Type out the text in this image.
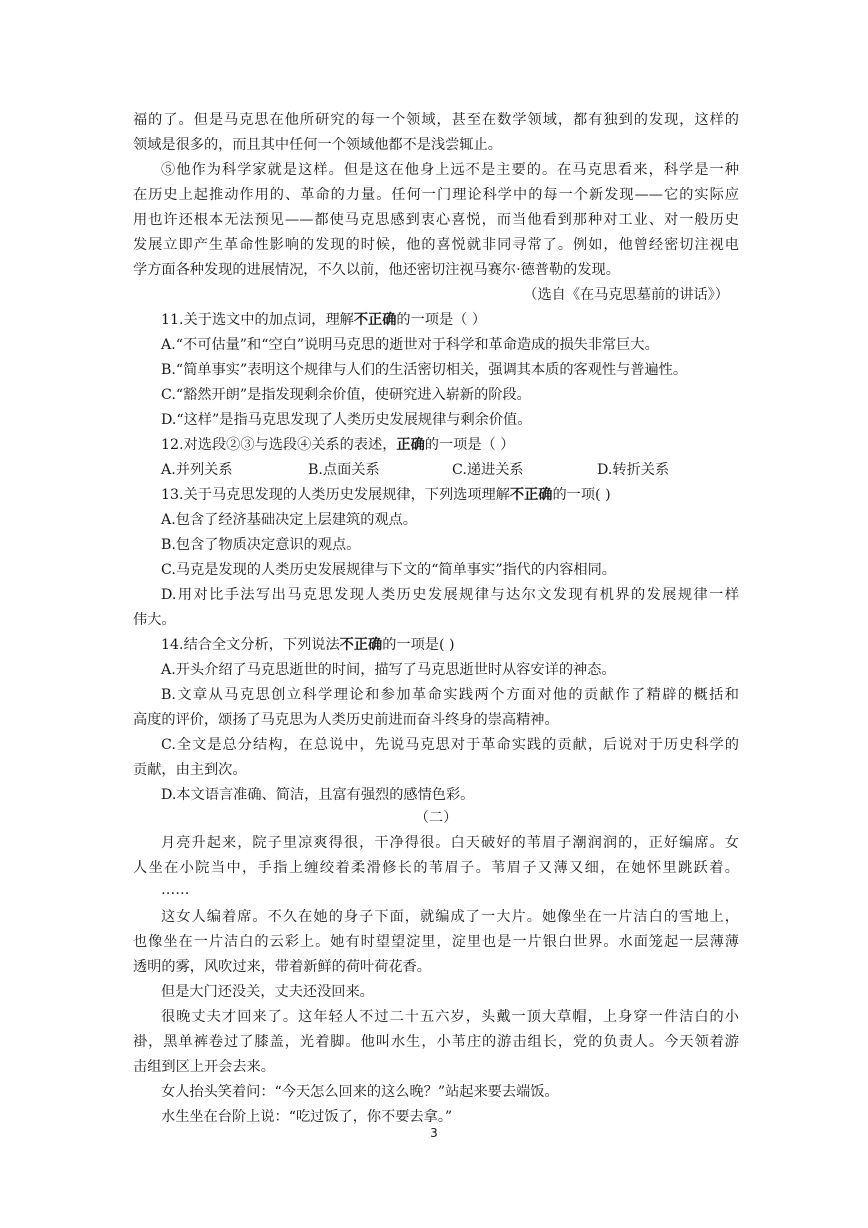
福的了。但是马克思在他所研究的每一个领域，甚至在数学领域，都有独到的发现，这样的
领域是很多的，而且其中任何一个领域他都不是浅尝辄止。
⑤他作为科学家就是这样。但是这在他身上远不是主要的。在马克思看来，科学是一种
在历史上起推动作用的、革命的力量。任何一门理论科学中的每一个新发现——它的实际应
用也许还根本无法预见——都使马克思感到衷心喜悦，而当他看到那种对工业、对一般历史
发展立即产生革命性影响的发现的时候，他的喜悦就非同寻常了。例如，他曾经密切注视电
学方面各种发现的进展情况，不久以前，他还密切注视马赛尔·德普勒的发现。
（选自《在马克思墓前的讲话》）
11.关于选文中的加点词，理解不正确的一项是（ ）
A.“不可估量”和“空白”说明马克思的逝世对于科学和革命造成的损失非常巨大。
B.“简单事实”表明这个规律与人们的生活密切相关，强调其本质的客观性与普遍性。
C.“豁然开朗”是指发现剩余价值，使研究进入崭新的阶段。
D.“这样”是指马克思发现了人类历史发展规律与剩余价值。
12.对选段②③与选段④关系的表述，正确的一项是（ ）
A.并列关系	B.点面关系	C.递进关系	D.转折关系
13.关于马克思发现的人类历史发展规律，下列选项理解不正确的一项( )
A.包含了经济基础决定上层建筑的观点。
B.包含了物质决定意识的观点。
C.马克是发现的人类历史发展规律与下文的“简单事实”指代的内容相同。
D.用对比手法写出马克思发现人类历史发展规律与达尔文发现有机界的发展规律一样
伟大。
14.结合全文分析，下列说法不正确的一项是( )
A.开头介绍了马克思逝世的时间，描写了马克思逝世时从容安详的神态。
B.文章从马克思创立科学理论和参加革命实践两个方面对他的贡献作了精辟的概括和
高度的评价，颂扬了马克思为人类历史前进而奋斗终身的崇高精神。
C.全文是总分结构，在总说中，先说马克思对于革命实践的贡献，后说对于历史科学的
贡献，由主到次。
D.本文语言准确、简洁，且富有强烈的感情色彩。
（二）
月亮升起来，院子里凉爽得很，干净得很。白天破好的苇眉子潮润润的，正好编席。女
人坐在小院当中，手指上缠绞着柔滑修长的苇眉子。苇眉子又薄又细，在她怀里跳跃着。
……
这女人编着席。不久在她的身子下面，就编成了一大片。她像坐在一片洁白的雪地上，
也像坐在一片洁白的云彩上。她有时望望淀里，淀里也是一片银白世界。水面笼起一层薄薄
透明的雾，风吹过来，带着新鲜的荷叶荷花香。
但是大门还没关，丈夫还没回来。
很晚丈夫才回来了。这年轻人不过二十五六岁，头戴一顶大草帽，上身穿一件洁白的小
褂，黑单裤卷过了膝盖，光着脚。他叫水生，小苇庄的游击组长，党的负责人。今天领着游
击组到区上开会去来。
女人抬头笑着问：“今天怎么回来的这么晚？”站起来要去端饭。
水生坐在台阶上说：“吃过饭了，你不要去拿。”
3
